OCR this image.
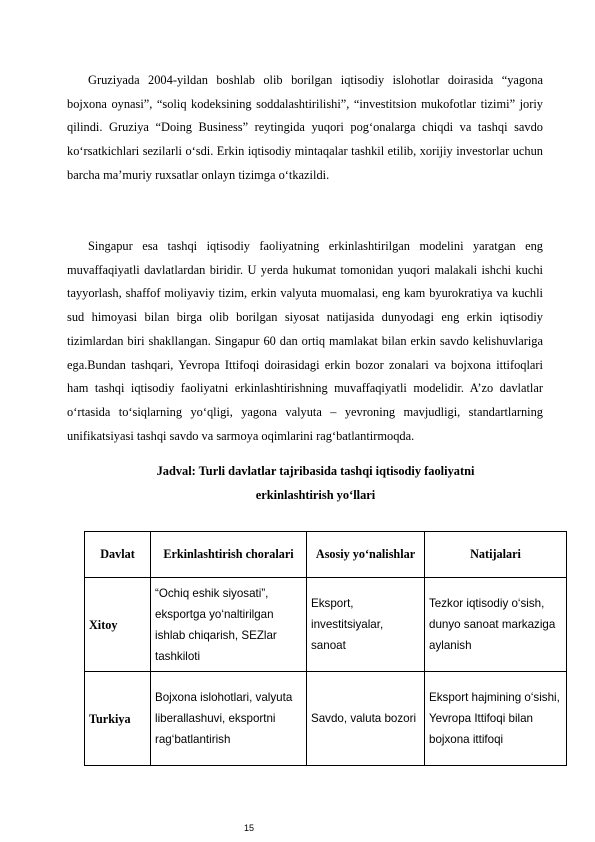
Gruziyada 2004-yildan boshlab olib borilgan iqtisodiy islohotlar doirasida “yagona bojxona oynasi”, “soliq kodeksining soddalashtirilishi”, “investitsion mukofotlar tizimi” joriy qilindi. Gruziya “Doing Business” reytingida yuqori pog‘onalarga chiqdi va tashqi savdo ko‘rsatkichlari sezilarli o‘sdi. Erkin iqtisodiy mintaqalar tashkil etilib, xorijiy investorlar uchun barcha ma’muriy ruxsatlar onlayn tizimga o‘tkazildi.

Singapur esa tashqi iqtisodiy faoliyatning erkinlashtirilgan modelini yaratgan eng muvaffaqiyatli davlatlardan biridir. U yerda hukumat tomonidan yuqori malakali ishchi kuchi tayyorlash, shaffof moliyaviy tizim, erkin valyuta muomalasi, eng kam byurokratiya va kuchli sud himoyasi bilan birga olib borilgan siyosat natijasida dunyodagi eng erkin iqtisodiy tizimlardan biri shakllangan. Singapur 60 dan ortiq mamlakat bilan erkin savdo kelishuvlariga ega.Bundan tashqari, Yevropa Ittifoqi doirasidagi erkin bozor zonalari va bojxona ittifoqlari ham tashqi iqtisodiy faoliyatni erkinlashtirishning muvaffaqiyatli modelidir. A’zo davlatlar o‘rtasida to‘siqlarning yo‘qligi, yagona valyuta – yevroning mavjudligi, standartlarning unifikatsiyasi tashqi savdo va sarmoya oqimlarini rag‘batlantirmoqda.

Jadval: Turli davlatlar tajribasida tashqi iqtisodiy faoliyatni
erkinlashtirish yo‘llari
Davlat	Erkinlashtirish choralari	Asosiy yo‘nalishlar	Natijalari
Xitoy	“Ochiq eshik siyosati”, eksportga yo‘naltirilgan ishlab chiqarish, SEZlar tashkiloti	Eksport, investitsiyalar, sanoat	Tezkor iqtisodiy o‘sish, dunyo sanoat markaziga aylanish
Turkiya	Bojxona islohotlari, valyuta liberallashuvi, eksportni rag‘batlantirish	Savdo, valuta bozori	Eksport hajmining o‘sishi, Yevropa Ittifoqi bilan bojxona ittifoqi
15
